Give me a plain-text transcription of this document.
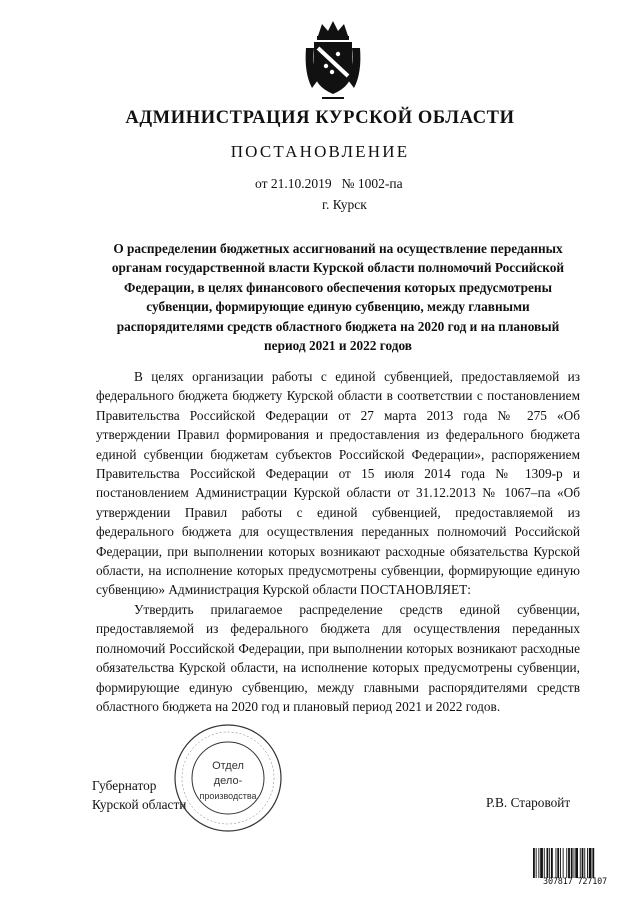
АДМИНИСТРАЦИЯ КУРСКОЙ ОБЛАСТИ
ПОСТАНОВЛЕНИЕ
от 21.10.2019 № 1002-па
г. Курск
О распределении бюджетных ассигнований на осуществление переданных органам государственной власти Курской области полномочий Российской Федерации, в целях финансового обеспечения которых предусмотрены субвенции, формирующие единую субвенцию, между главными распорядителями средств областного бюджета на 2020 год и на плановый период 2021 и 2022 годов

В целях организации работы с единой субвенцией, предоставляемой из федерального бюджета бюджету Курской области в соответствии с постановлением Правительства Российской Федерации от 27 марта 2013 года № 275 «Об утверждении Правил формирования и предоставления из федерального бюджета единой субвенции бюджетам субъектов Российской Федерации», распоряжением Правительства Российской Федерации от 15 июля 2014 года № 1309-р и постановлением Администрации Курской области от 31.12.2013 № 1067–па «Об утверждении Правил работы с единой субвенцией, предоставляемой из федерального бюджета для осуществления переданных полномочий Российской Федерации, при выполнении которых возникают расходные обязательства Курской области, на исполнение которых предусмотрены субвенции, формирующие единую субвенцию» Администрация Курской области ПОСТАНОВЛЯЕТ:

Утвердить прилагаемое распределение средств единой субвенции, предоставляемой из федерального бюджета для осуществления переданных полномочий Российской Федерации, при выполнении которых возникают расходные обязательства Курской области, на исполнение которых предусмотрены субвенции, формирующие единую субвенцию, между главными распорядителями средств областного бюджета на 2020 год и плановый период 2021 и 2022 годов.

Губернатор
Курской области	Р.В. Старовойт
Отдел
дело-
производства
307817 727107
